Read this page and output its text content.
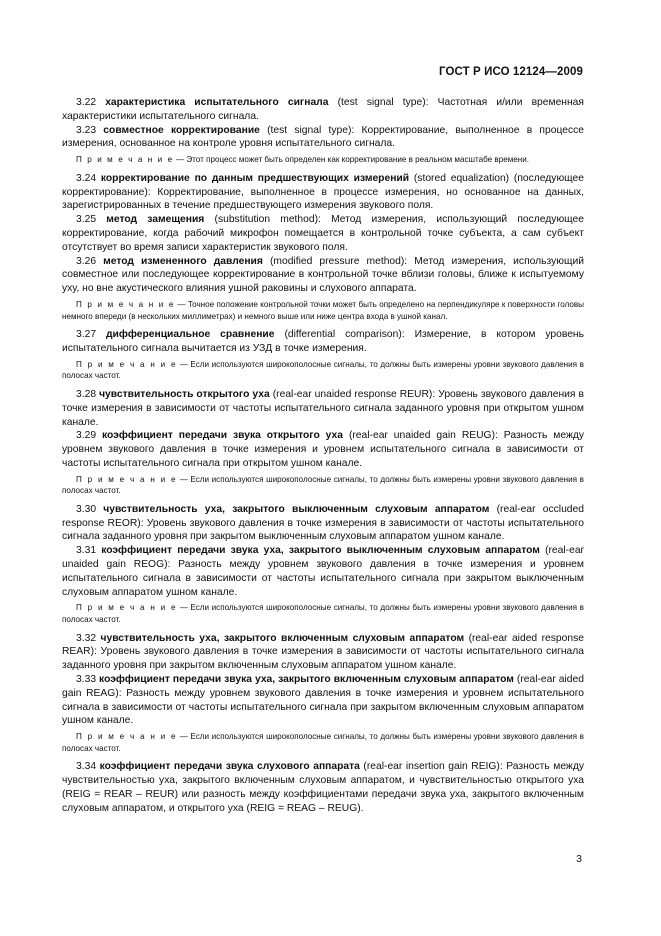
ГОСТ Р ИСО 12124—2009

3.22 характеристика испытательного сигнала (test signal type): Частотная и/или временная характеристики испытательного сигнала.

3.23 совместное корректирование (test signal type): Корректирование, выполненное в процессе измерения, основанное на контроле уровня испытательного сигнала.

П р и м е ч а н и е — Этот процесс может быть определен как корректирование в реальном масштабе времени.

3.24 корректирование по данным предшествующих измерений (stored equalization) (последующее корректирование): Корректирование, выполненное в процессе измерения, но основанное на данных, зарегистрированных в течение предшествующего измерения звукового поля.

3.25 метод замещения (substitution method): Метод измерения, использующий последующее корректирование, когда рабочий микрофон помещается в контрольной точке субъекта, а сам субъект отсутствует во время записи характеристик звукового поля.

3.26 метод измененного давления (modified pressure method): Метод измерения, использующий совместное или последующее корректирование в контрольной точке вблизи головы, ближе к испытуемому уху, но вне акустического влияния ушной раковины и слухового аппарата.

П р и м е ч а н и е — Точное положение контрольной точки может быть определено на перпендикуляре к поверхности головы немного впереди (в нескольких миллиметрах) и немного выше или ниже центра входа в ушной канал.

3.27 дифференциальное сравнение (differential comparison): Измерение, в котором уровень испытательного сигнала вычитается из УЗД в точке измерения.

П р и м е ч а н и е — Если используются широкополосные сигналы, то должны быть измерены уровни звукового давления в полосах частот.

3.28 чувствительность открытого уха (real-ear unaided response REUR): Уровень звукового давления в точке измерения в зависимости от частоты испытательного сигнала заданного уровня при открытом ушном канале.

3.29 коэффициент передачи звука открытого уха (real-ear unaided gain REUG): Разность между уровнем звукового давления в точке измерения и уровнем испытательного сигнала в зависимости от частоты испытательного сигнала при открытом ушном канале.

П р и м е ч а н и е — Если используются широкополосные сигналы, то должны быть измерены уровни звукового давления в полосах частот.

3.30 чувствительность уха, закрытого выключенным слуховым аппаратом (real-ear occluded response REOR): Уровень звукового давления в точке измерения в зависимости от частоты испытательного сигнала заданного уровня при закрытом выключенным слуховым аппаратом ушном канале.

3.31 коэффициент передачи звука уха, закрытого выключенным слуховым аппаратом (real-ear unaided gain REOG): Разность между уровнем звукового давления в точке измерения и уровнем испытательного сигнала в зависимости от частоты испытательного сигнала при закрытом выключенным слуховым аппаратом ушном канале.

П р и м е ч а н и е — Если используются широкополосные сигналы, то должны быть измерены уровни звукового давления в полосах частот.

3.32 чувствительность уха, закрытого включенным слуховым аппаратом (real-ear aided response REAR): Уровень звукового давления в точке измерения в зависимости от частоты испытательного сигнала заданного уровня при закрытом включенным слуховым аппаратом ушном канале.

3.33 коэффициент передачи звука уха, закрытого включенным слуховым аппаратом (real-ear aided gain REAG): Разность между уровнем звукового давления в точке измерения и уровнем испытательного сигнала в зависимости от частоты испытательного сигнала при закрытом включенным слуховым аппаратом ушном канале.

П р и м е ч а н и е — Если используются широкополосные сигналы, то должны быть измерены уровни звукового давления в полосах частот.

3.34 коэффициент передачи звука слухового аппарата (real-ear insertion gain REIG): Разность между чувствительностью уха, закрытого включенным слуховым аппаратом, и чувствительностью открытого уха (REIG = REAR – REUR) или разность между коэффициентами передачи звука уха, закрытого включенным слуховым аппаратом, и открытого уха (REIG = REAG – REUG).

3
